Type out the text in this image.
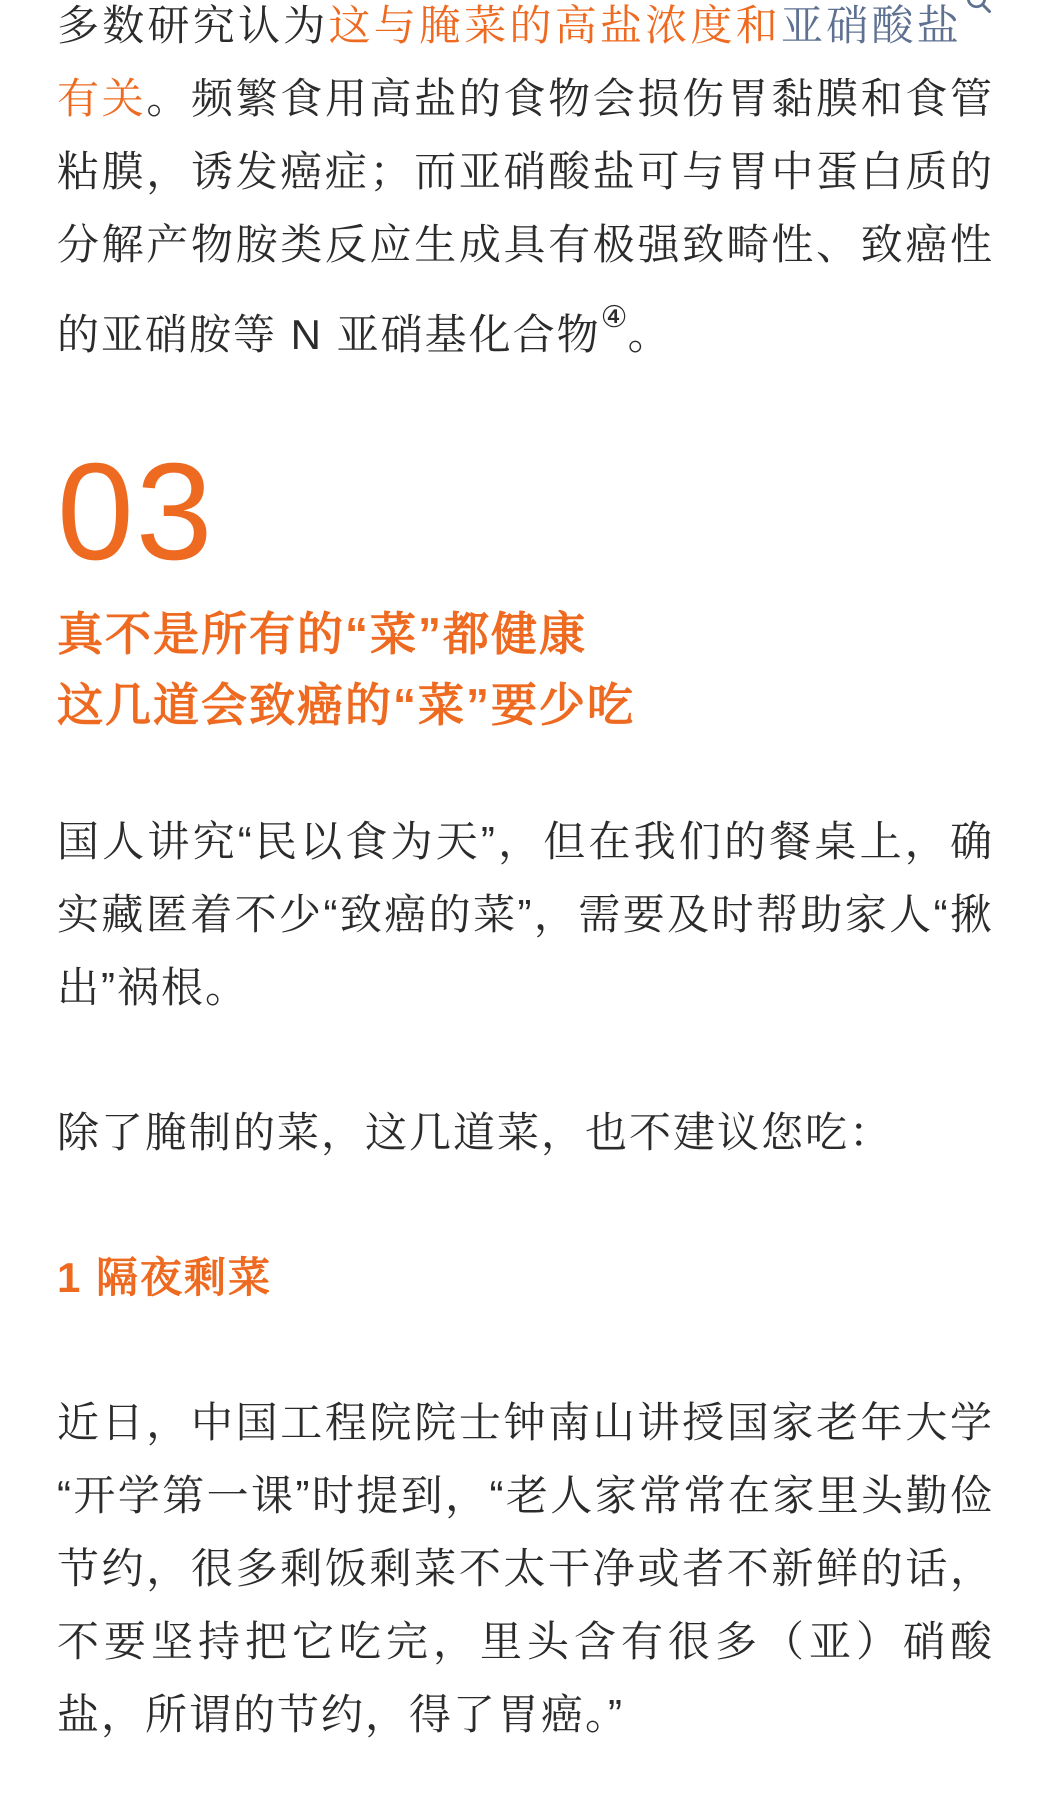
多数研究认为这与腌菜的高盐浓度和亚硝酸盐
有关。频繁食用高盐的食物会损伤胃黏膜和食管粘膜，诱发癌症；而亚硝酸盐可与胃中蛋白质的分解产物胺类反应生成具有极强致畸性、致癌性的亚硝胺等 N 亚硝基化合物④。

03
真不是所有的“菜”都健康
这几道会致癌的“菜”要少吃

国人讲究“民以食为天”，但在我们的餐桌上，确实藏匿着不少“致癌的菜”，需要及时帮助家人“揪出”祸根。

除了腌制的菜，这几道菜，也不建议您吃：

1 隔夜剩菜

近日，中国工程院院士钟南山讲授国家老年大学“开学第一课”时提到，“老人家常常在家里头勤俭节约，很多剩饭剩菜不太干净或者不新鲜的话，不要坚持把它吃完，里头含有很多（亚）硝酸盐，所谓的节约，得了胃癌。”
